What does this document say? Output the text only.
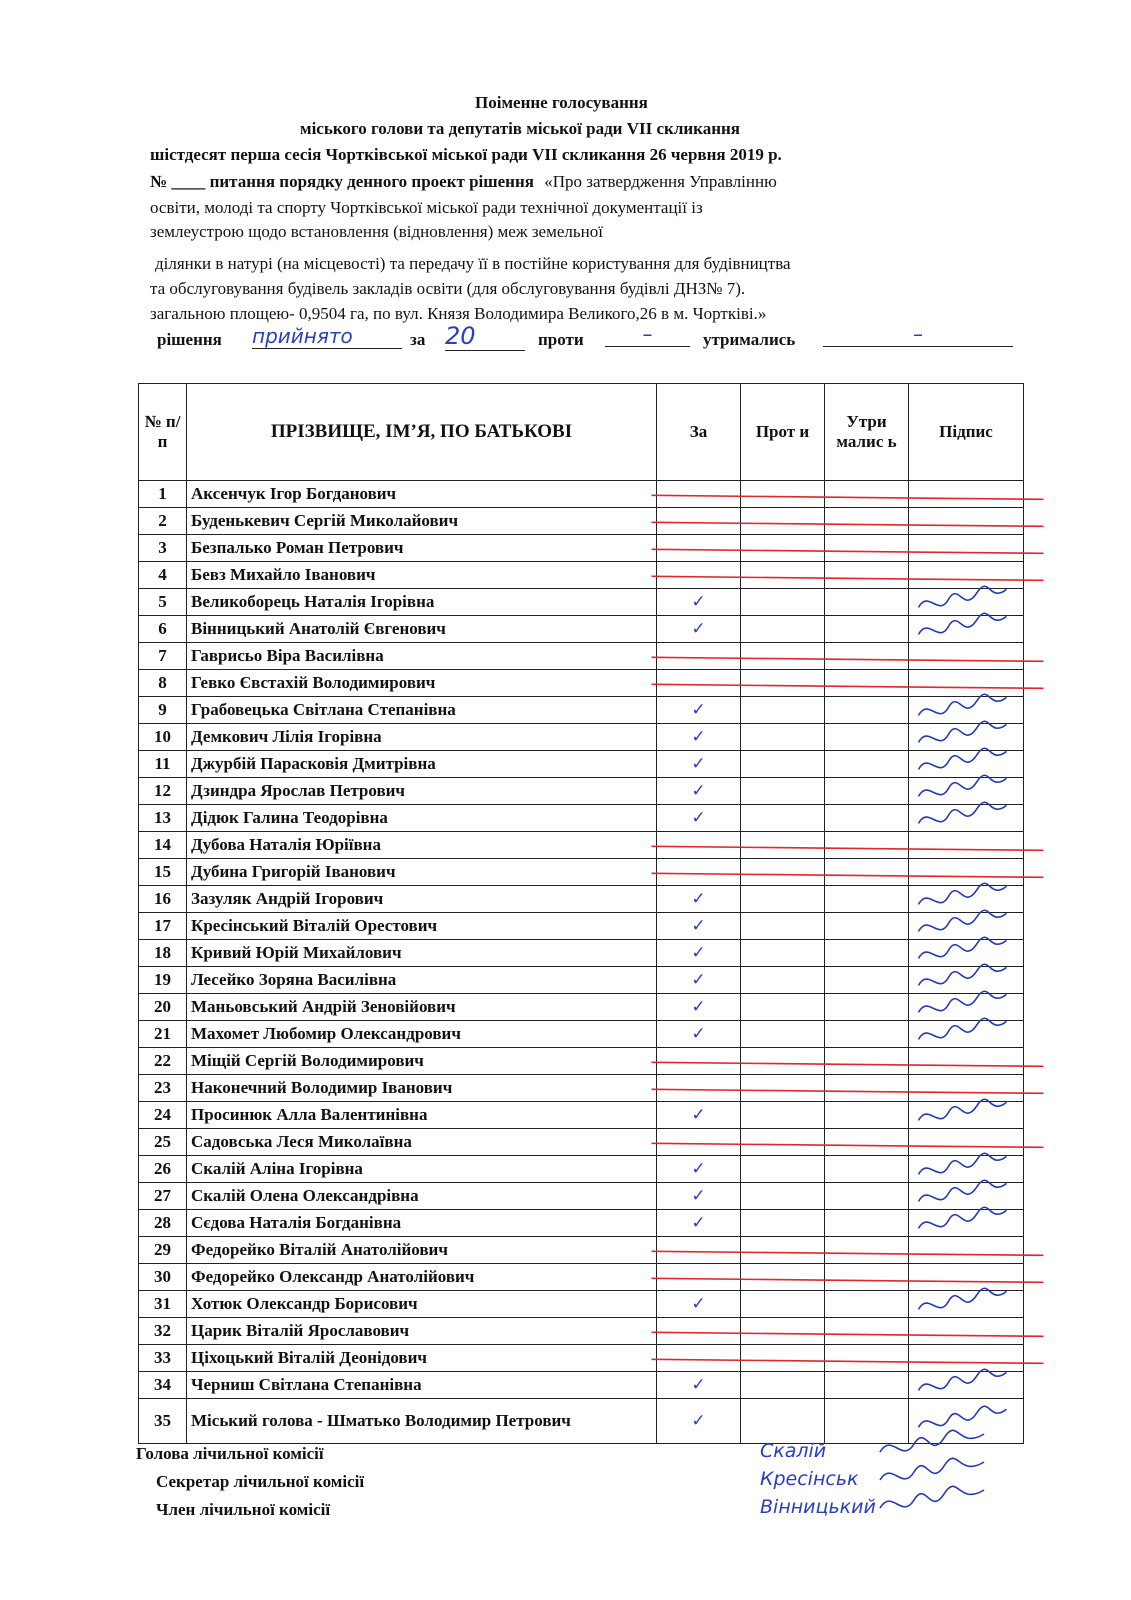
Поіменне голосування
міського голови та депутатів міської ради VII скликання
шістдесят перша сесія Чортківської міської ради VII скликання 26 червня 2019 р.
№ ____ питання порядку денного проект рішення «Про затвердження Управлінню
освіти, молоді та спорту Чортківської міської ради технічної документації із
землеустрою щодо встановлення (відновлення) меж земельної
ділянки в натурі (на місцевості) та передачу її в постійне користування для будівництва
та обслуговування будівель закладів освіти (для обслуговування будівлі ДНЗ№ 7).
загальною площею- 0,9504 га, по вул. Князя Володимира Великого,26 в м. Чортківі.»
рішення прийнято	за 20	проти	–	утримались	–
№ п/п	ПРІЗВИЩЕ, ІМ’Я, ПО БАТЬКОВІ	За	Прот и	Утри малис ь	Підпис
1	Аксенчук Ігор Богданович				
2	Буденькевич Сергій Миколайович				
3	Безпалько Роман Петрович				
4	Бевз Михайло Іванович				
5	Великоборець Наталія Ігорівна	✓			
6	Вінницький Анатолій Євгенович	✓			
7	Гаврисьо Віра Василівна				
8	Гевко Євстахій Володимирович				
9	Грабовецька Світлана Степанівна	✓			
10	Демкович Лілія Ігорівна	✓			
11	Джурбій Парасковія Дмитрівна	✓			
12	Дзиндра Ярослав Петрович	✓			
13	Дідюк Галина Теодорівна	✓			
14	Дубова Наталія Юріївна				
15	Дубина Григорій Іванович				
16	Зазуляк Андрій Ігорович	✓			
17	Кресінський Віталій Орестович	✓			
18	Кривий Юрій Михайлович	✓			
19	Лесейко Зоряна Василівна	✓			
20	Маньовський Андрій Зеновійович	✓			
21	Махомет Любомир Олександрович	✓			
22	Міщій Сергій Володимирович				
23	Наконечний Володимир Іванович				
24	Просинюк Алла Валентинівна	✓			
25	Садовська Леся Миколаївна				
26	Скалій Аліна Ігорівна	✓			
27	Скалій Олена Олександрівна	✓			
28	Сєдова Наталія Богданівна	✓			
29	Федорейко Віталій Анатолійович				
30	Федорейко Олександр Анатолійович				
31	Хотюк Олександр Борисович	✓			
32	Царик Віталій Ярославович				
33	Ціхоцький Віталій Деонідович				
34	Черниш Світлана Степанівна	✓			
35	Міський голова - Шматько Володимир Петрович	✓			
Голова лічильної комісії
Секретар лічильної комісії
Член лічильної комісії
Скалій
Кресінськ
Вінницький
